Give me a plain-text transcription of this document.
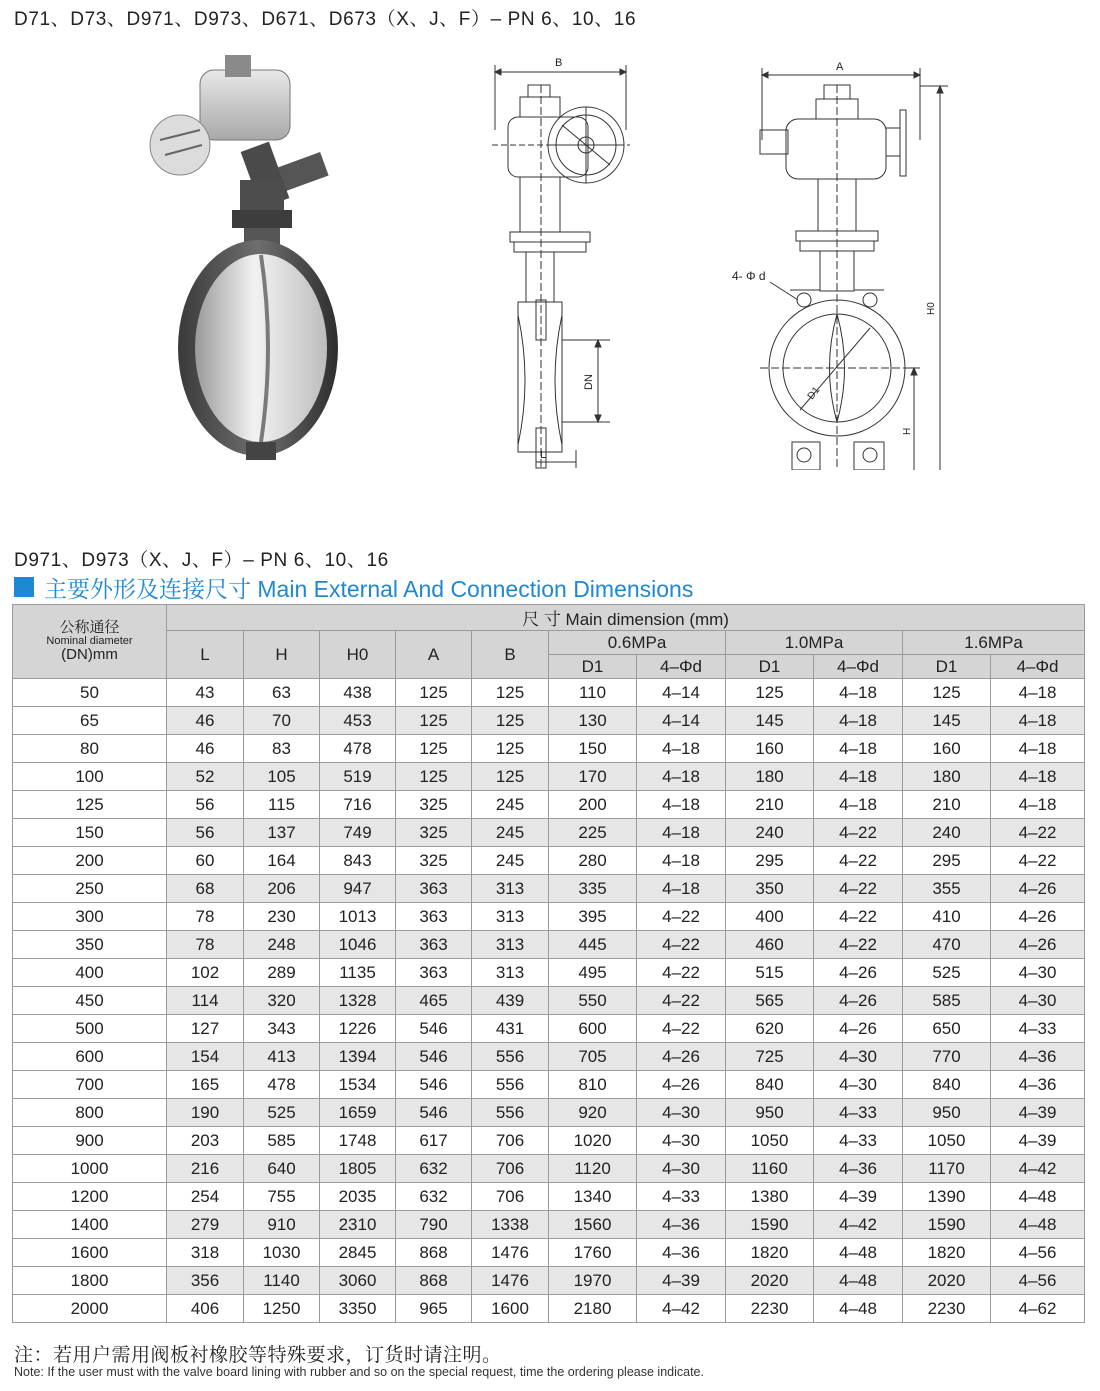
D71、D73、D971、D973、D671、D673（X、J、F）– PN 6、10、16
B
DN
L
A
D1
4- Φ d
H0
H
D971、D973（X、J、F）– PN 6、10、16
主要外形及连接尺寸 Main External And Connection Dimensions
公称通径
Nominal diameter
(DN)mm	尺 寸 Main dimension (mm)										
	L	H	H0	A	B	0.6MPa		1.0MPa		1.6MPa	
						D1	4–Φd	D1	4–Φd	D1	4–Φd
50	43	63	438	125	125	110	4–14	125	4–18	125	4–18
65	46	70	453	125	125	130	4–14	145	4–18	145	4–18
80	46	83	478	125	125	150	4–18	160	4–18	160	4–18
100	52	105	519	125	125	170	4–18	180	4–18	180	4–18
125	56	115	716	325	245	200	4–18	210	4–18	210	4–18
150	56	137	749	325	245	225	4–18	240	4–22	240	4–22
200	60	164	843	325	245	280	4–18	295	4–22	295	4–22
250	68	206	947	363	313	335	4–18	350	4–22	355	4–26
300	78	230	1013	363	313	395	4–22	400	4–22	410	4–26
350	78	248	1046	363	313	445	4–22	460	4–22	470	4–26
400	102	289	1135	363	313	495	4–22	515	4–26	525	4–30
450	114	320	1328	465	439	550	4–22	565	4–26	585	4–30
500	127	343	1226	546	431	600	4–22	620	4–26	650	4–33
600	154	413	1394	546	556	705	4–26	725	4–30	770	4–36
700	165	478	1534	546	556	810	4–26	840	4–30	840	4–36
800	190	525	1659	546	556	920	4–30	950	4–33	950	4–39
900	203	585	1748	617	706	1020	4–30	1050	4–33	1050	4–39
1000	216	640	1805	632	706	1120	4–30	1160	4–36	1170	4–42
1200	254	755	2035	632	706	1340	4–33	1380	4–39	1390	4–48
1400	279	910	2310	790	1338	1560	4–36	1590	4–42	1590	4–48
1600	318	1030	2845	868	1476	1760	4–36	1820	4–48	1820	4–56
1800	356	1140	3060	868	1476	1970	4–39	2020	4–48	2020	4–56
2000	406	1250	3350	965	1600	2180	4–42	2230	4–48	2230	4–62
注：若用户需用阀板衬橡胶等特殊要求，订货时请注明。
Note: If the user must with the valve board lining with rubber and so on the special request, time the ordering please indicate.
